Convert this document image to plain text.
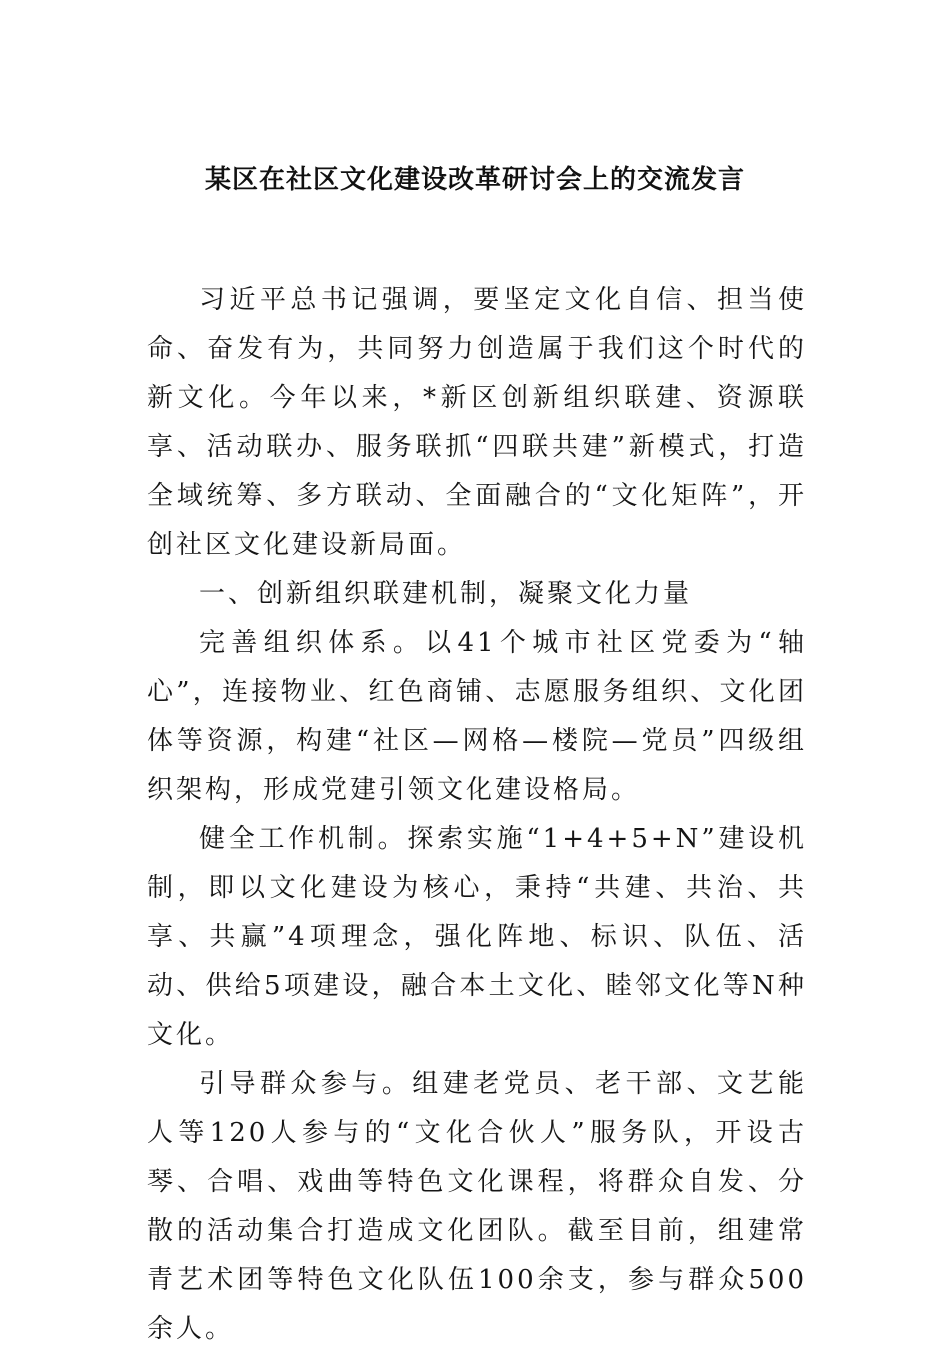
某区在社区文化建设改革研讨会上的交流发言

习近平总书记强调，要坚定文化自信、担当使命、奋发有为，共同努力创造属于我们这个时代的新文化。今年以来，*新区创新组织联建、资源联享、活动联办、服务联抓“四联共建”新模式，打造全域统筹、多方联动、全面融合的“文化矩阵”，开创社区文化建设新局面。

一、创新组织联建机制，凝聚文化力量

完善组织体系。以41个城市社区党委为“轴心”，连接物业、红色商铺、志愿服务组织、文化团体等资源，构建“社区—网格—楼院—党员”四级组织架构，形成党建引领文化建设格局。

健全工作机制。探索实施“1+4+5+N”建设机制，即以文化建设为核心，秉持“共建、共治、共享、共赢”4项理念，强化阵地、标识、队伍、活动、供给5项建设，融合本土文化、睦邻文化等N种文化。

引导群众参与。组建老党员、老干部、文艺能人等120人参与的“文化合伙人”服务队，开设古琴、合唱、戏曲等特色文化课程，将群众自发、分散的活动集合打造成文化团队。截至目前，组建常青艺术团等特色文化队伍100余支，参与群众500余人。
